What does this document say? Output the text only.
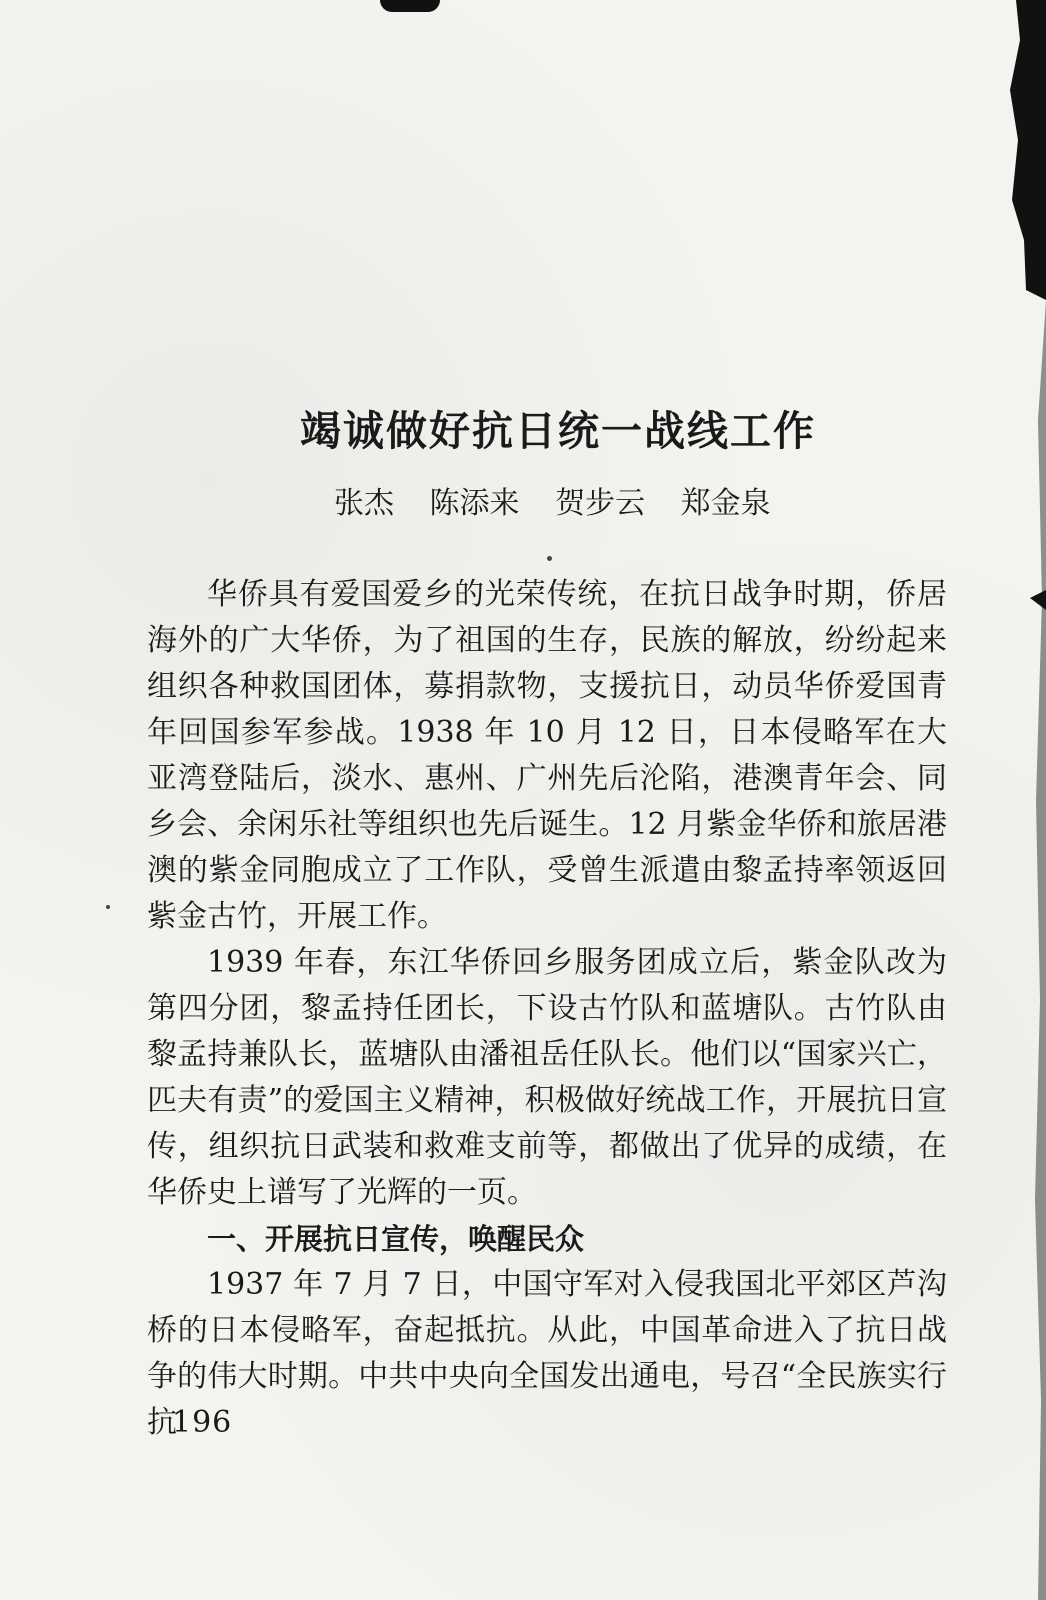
竭诚做好抗日统一战线工作
张杰 陈添来 贺步云 郑金泉

华侨具有爱国爱乡的光荣传统，在抗日战争时期，侨居海外的广大华侨，为了祖国的生存，民族的解放，纷纷起来组织各种救国团体，募捐款物，支援抗日，动员华侨爱国青年回国参军参战。1938 年 10 月 12 日，日本侵略军在大亚湾登陆后，淡水、惠州、广州先后沦陷，港澳青年会、同乡会、余闲乐社等组织也先后诞生。12 月紫金华侨和旅居港澳的紫金同胞成立了工作队，受曾生派遣由黎孟持率领返回紫金古竹，开展工作。

1939 年春，东江华侨回乡服务团成立后，紫金队改为第四分团，黎孟持任团长，下设古竹队和蓝塘队。古竹队由黎孟持兼队长，蓝塘队由潘祖岳任队长。他们以“国家兴亡，匹夫有责”的爱国主义精神，积极做好统战工作，开展抗日宣传，组织抗日武装和救难支前等，都做出了优异的成绩，在华侨史上谱写了光辉的一页。

一、开展抗日宣传，唤醒民众

1937 年 7 月 7 日，中国守军对入侵我国北平郊区芦沟桥的日本侵略军，奋起抵抗。从此，中国革命进入了抗日战争的伟大时期。中共中央向全国发出通电，号召“全民族实行抗

196
